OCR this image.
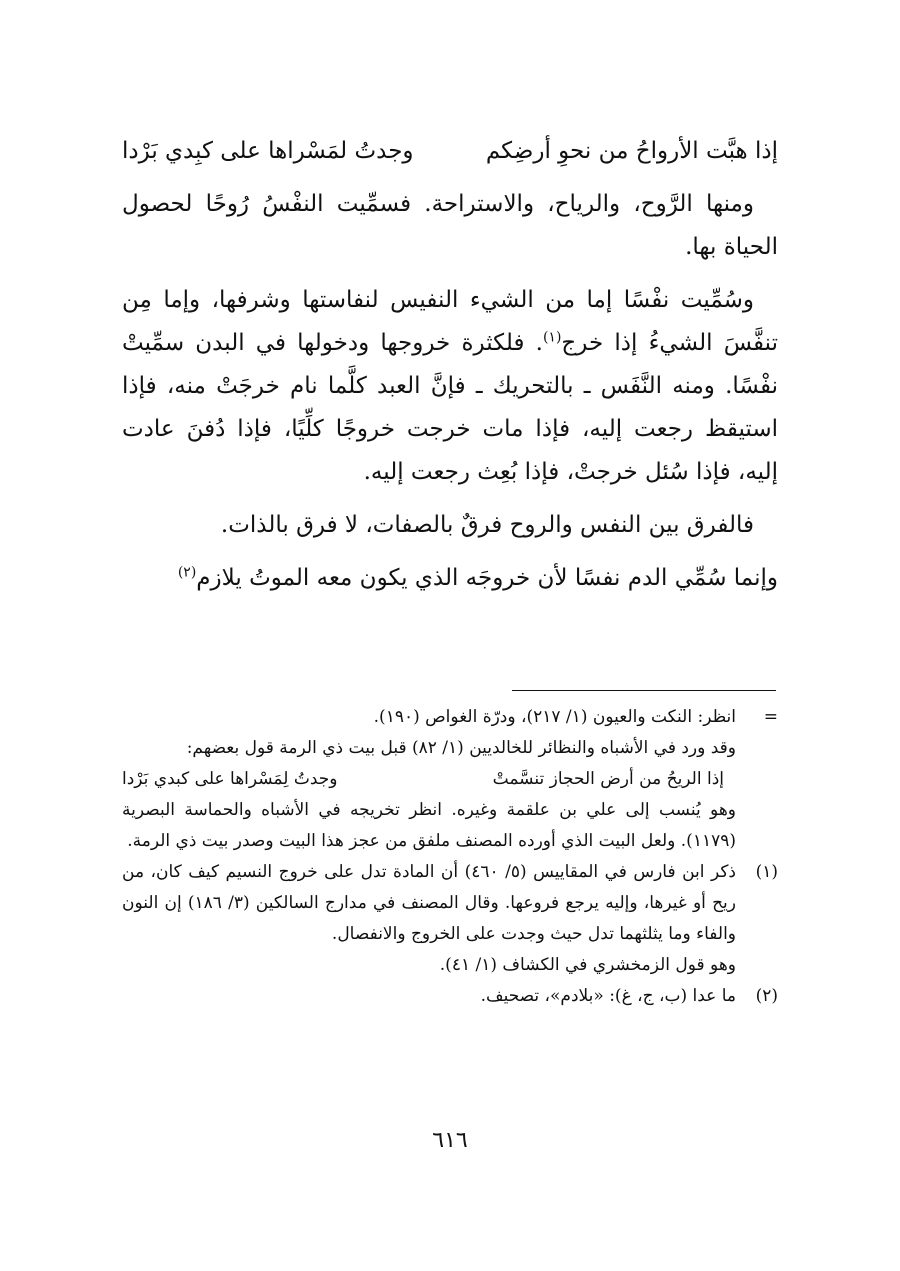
إذا هبَّت الأرواحُ من نحوِ أرضِكم
وجدتُ لمَسْراها على كبِدي بَرْدا

ومنها الرَّوح، والرياح، والاستراحة. فسمِّيت النفْسُ رُوحًا لحصول الحياة بها.

وسُمِّيت نفْسًا إما من الشيء النفيس لنفاستها وشرفها، وإما مِن تنفَّسَ الشيءُ إذا خرج$^{(١)}$. فلكثرة خروجها ودخولها في البدن سمِّيتْ نفْسًا. ومنه النَّفَس ـ بالتحريك ـ فإنَّ العبد كلَّما نام خرجَتْ منه، فإذا استيقظ رجعت إليه، فإذا مات خرجت خروجًا كلِّيًا، فإذا دُفنَ عادت إليه، فإذا سُئل خرجتْ، فإذا بُعِث رجعت إليه.

فالفرق بين النفس والروح فرقٌ بالصفات، لا فرق بالذات.

وإنما سُمِّي الدم نفسًا لأن خروجَه الذي يكون معه الموتُ يلازم$^{(٢)}$

=

انظر: النكت والعيون (١/ ٢١٧)، ودرّة الغواص (١٩٠).

وقد ورد في الأشباه والنظائر للخالديين (١/ ٨٢) قبل بيت ذي الرمة قول بعضهم:

إذا الريحُ من أرض الحجاز تنسَّمتْ
وجدتُ لِمَسْراها على كبدي بَرْدا

وهو يُنسب إلى علي بن علقمة وغيره. انظر تخريجه في الأشباه والحماسة البصرية (١١٧٩). ولعل البيت الذي أورده المصنف ملفق من عجز هذا البيت وصدر بيت ذي الرمة.

(١)

ذكر ابن فارس في المقاييس (٥/ ٤٦٠) أن المادة تدل على خروج النسيم كيف كان، من ريح أو غيرها، وإليه يرجع فروعها. وقال المصنف في مدارج السالكين (٣/ ١٨٦) إن النون والفاء وما يثلثهما تدل حيث وجدت على الخروج والانفصال.

وهو قول الزمخشري في الكشاف (١/ ٤١).

(٢)

ما عدا (ب، ج، غ): «بلادم»، تصحيف.

٦١٦
